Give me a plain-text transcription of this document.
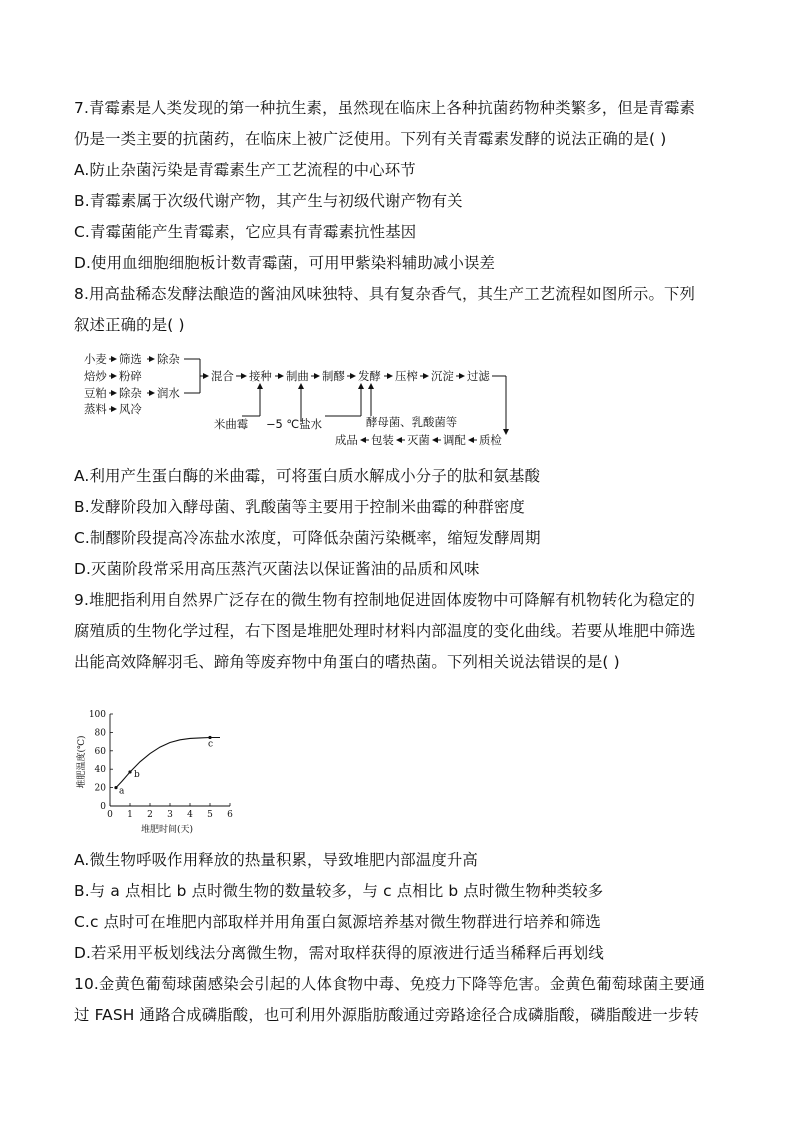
7.青霉素是人类发现的第一种抗生素，虽然现在临床上各种抗菌药物种类繁多，但是青霉素
仍是一类主要的抗菌药，在临床上被广泛使用。下列有关青霉素发酵的说法正确的是( )
A.防止杂菌污染是青霉素生产工艺流程的中心环节
B.青霉素属于次级代谢产物，其产生与初级代谢产物有关
C.青霉菌能产生青霉素，它应具有青霉素抗性基因
D.使用血细胞细胞板计数青霉菌，可用甲紫染料辅助减小误差
8.用高盐稀态发酵法酿造的酱油风味独特、具有复杂香气，其生产工艺流程如图所示。下列
叙述正确的是( )
小麦 筛选 除杂
焙炒 粉碎
豆粕 除杂 润水
蒸料 风冷
混合 接种 制曲 制醪 发酵 压榨 沉淀 过滤
米曲霉 −5 ℃盐水	酵母菌、乳酸菌等
成品 包装 灭菌 调配 质检
A.利用产生蛋白酶的米曲霉，可将蛋白质水解成小分子的肽和氨基酸
B.发酵阶段加入酵母菌、乳酸菌等主要用于控制米曲霉的种群密度
C.制醪阶段提高冷冻盐水浓度，可降低杂菌污染概率，缩短发酵周期
D.灭菌阶段常采用高压蒸汽灭菌法以保证酱油的品质和风味
9.堆肥指利用自然界广泛存在的微生物有控制地促进固体废物中可降解有机物转化为稳定的
腐殖质的生物化学过程，右下图是堆肥处理时材料内部温度的变化曲线。若要从堆肥中筛选
出能高效降解羽毛、蹄角等废弃物中角蛋白的嗜热菌。下列相关说法错误的是( )
0 1 2 3 4 5 6
0
20
40
60
80
100
a
b
c
堆肥温度(℃)
堆肥时间(天)
A.微生物呼吸作用释放的热量积累，导致堆肥内部温度升高
B.与 a 点相比 b 点时微生物的数量较多，与 c 点相比 b 点时微生物种类较多
C.c 点时可在堆肥内部取样并用角蛋白氮源培养基对微生物群进行培养和筛选
D.若采用平板划线法分离微生物，需对取样获得的原液进行适当稀释后再划线
10.金黄色葡萄球菌感染会引起的人体食物中毒、免疫力下降等危害。金黄色葡萄球菌主要通
过 FASH 通路合成磷脂酸，也可利用外源脂肪酸通过旁路途径合成磷脂酸，磷脂酸进一步转
